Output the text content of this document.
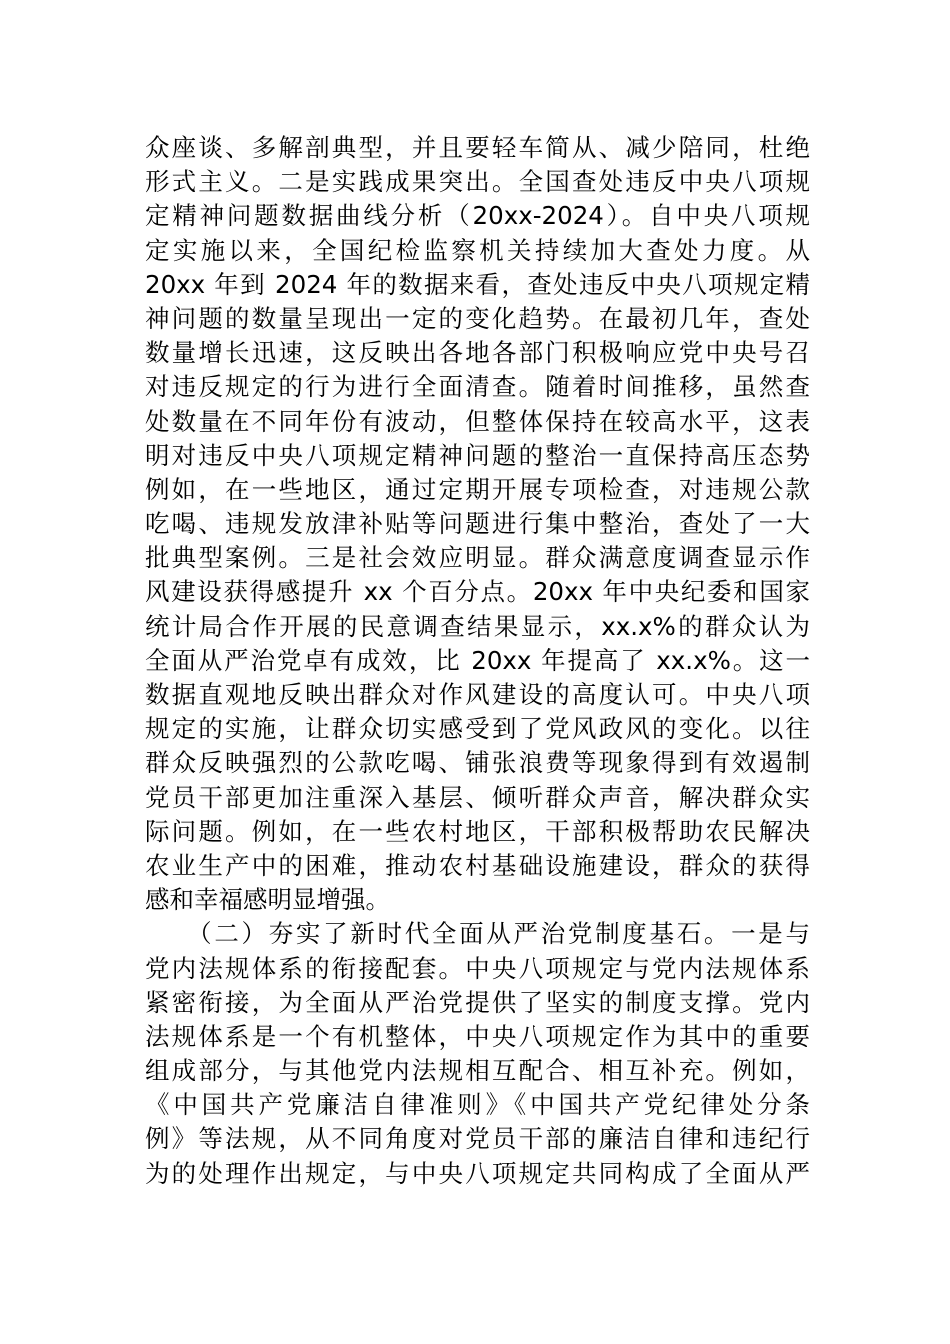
众座谈、多解剖典型，并且要轻车简从、减少陪同，杜绝
形式主义。二是实践成果突出。全国查处违反中央八项规
定精神问题数据曲线分析（20xx-2024）。自中央八项规
定实施以来，全国纪检监察机关持续加大查处力度。从
20xx 年到 2024 年的数据来看，查处违反中央八项规定精
神问题的数量呈现出一定的变化趋势。在最初几年，查处
数量增长迅速，这反映出各地各部门积极响应党中央号召
对违反规定的行为进行全面清查。随着时间推移，虽然查
处数量在不同年份有波动，但整体保持在较高水平，这表
明对违反中央八项规定精神问题的整治一直保持高压态势
例如，在一些地区，通过定期开展专项检查，对违规公款
吃喝、违规发放津补贴等问题进行集中整治，查处了一大
批典型案例。三是社会效应明显。群众满意度调查显示作
风建设获得感提升 xx 个百分点。20xx 年中央纪委和国家
统计局合作开展的民意调查结果显示，xx.x%的群众认为
全面从严治党卓有成效，比 20xx 年提高了 xx.x%。这一
数据直观地反映出群众对作风建设的高度认可。中央八项
规定的实施，让群众切实感受到了党风政风的变化。以往
群众反映强烈的公款吃喝、铺张浪费等现象得到有效遏制
党员干部更加注重深入基层、倾听群众声音，解决群众实
际问题。例如，在一些农村地区，干部积极帮助农民解决
农业生产中的困难，推动农村基础设施建设，群众的获得
感和幸福感明显增强。
　　（二）夯实了新时代全面从严治党制度基石。一是与
党内法规体系的衔接配套。中央八项规定与党内法规体系
紧密衔接，为全面从严治党提供了坚实的制度支撑。党内
法规体系是一个有机整体，中央八项规定作为其中的重要
组成部分，与其他党内法规相互配合、相互补充。例如，
《中国共产党廉洁自律准则》《中国共产党纪律处分条
例》等法规，从不同角度对党员干部的廉洁自律和违纪行
为的处理作出规定，与中央八项规定共同构成了全面从严
